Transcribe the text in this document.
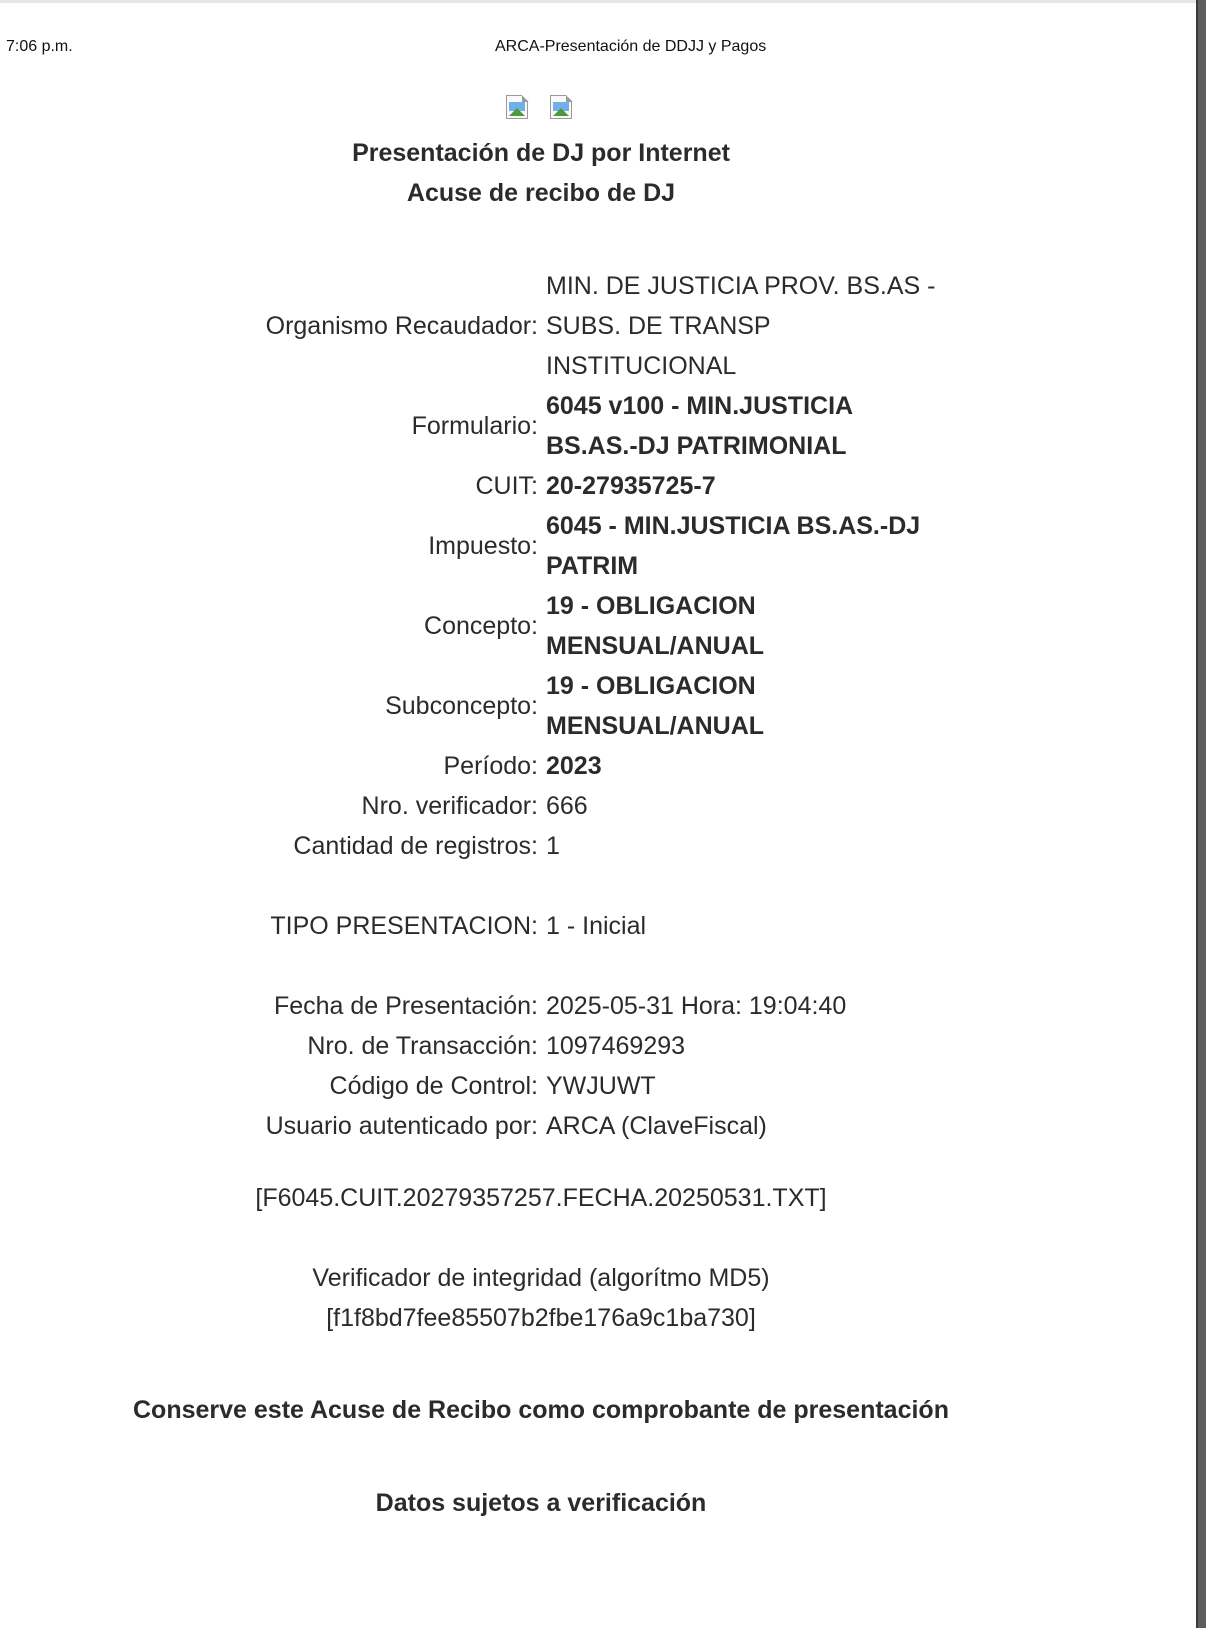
7:06 p.m.	ARCA-Presentación de DDJJ y Pagos
Presentación de DJ por Internet
Acuse de recibo de DJ
Organismo Recaudador:
MIN. DE JUSTICIA PROV. BS.AS - SUBS. DE TRANSP INSTITUCIONAL
Formulario:
6045 v100 - MIN.JUSTICIA BS.AS.-DJ PATRIMONIAL
CUIT: 20-27935725-7
Impuesto:
6045 - MIN.JUSTICIA BS.AS.-DJ PATRIM
Concepto:
19 - OBLIGACION MENSUAL/ANUAL
Subconcepto:
19 - OBLIGACION MENSUAL/ANUAL
Período: 2023
Nro. verificador: 666
Cantidad de registros: 1
TIPO PRESENTACION: 1 - Inicial
Fecha de Presentación: 2025-05-31 Hora: 19:04:40
Nro. de Transacción: 1097469293
Código de Control: YWJUWT
Usuario autenticado por: ARCA (ClaveFiscal)
[F6045.CUIT.20279357257.FECHA.20250531.TXT]
Verificador de integridad (algorítmo MD5)
[f1f8bd7fee85507b2fbe176a9c1ba730]
Conserve este Acuse de Recibo como comprobante de presentación
Datos sujetos a verificación
